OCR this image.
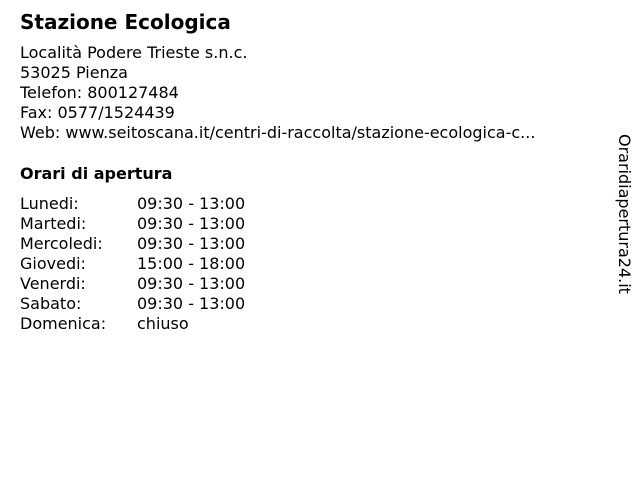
Stazione Ecologica
Località Podere Trieste s.n.c.
53025 Pienza
Telefon: 800127484
Fax: 0577/1524439
Web: www.seitoscana.it/centri-di-raccolta/stazione-ecologica-c...
Orari di apertura
Lunedi:	09:30 - 13:00
Martedi:	09:30 - 13:00
Mercoledi:	09:30 - 13:00
Giovedi:	15:00 - 18:00
Venerdi:	09:30 - 13:00
Sabato:	09:30 - 13:00
Domenica:	chiuso
Oraridiapertura24.it
